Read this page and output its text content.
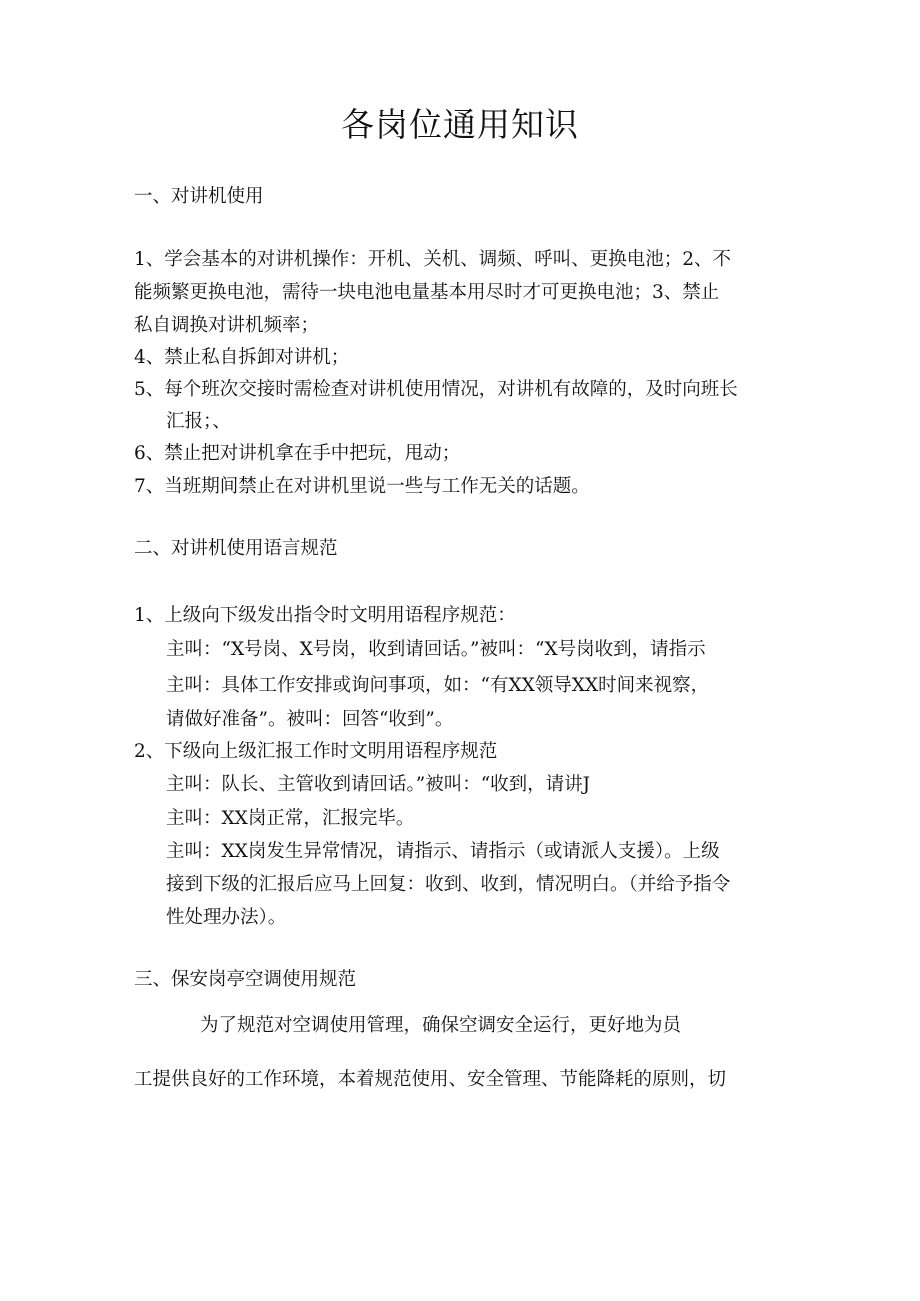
各岗位通用知识
一、对讲机使用
1、学会基本的对讲机操作：开机、关机、调频、呼叫、更换电池；2、不
能频繁更换电池，需待一块电池电量基本用尽时才可更换电池；3、禁止
私自调换对讲机频率；
4、禁止私自拆卸对讲机；
5、每个班次交接时需检查对讲机使用情况，对讲机有故障的，及时向班长
汇报；、
6、禁止把对讲机拿在手中把玩，甩动；
7、当班期间禁止在对讲机里说一些与工作无关的话题。
二、对讲机使用语言规范
1、上级向下级发出指令时文明用语程序规范：
主叫：“X号岗、X号岗，收到请回话。”被叫：“X号岗收到，请指示
主叫：具体工作安排或询问事项，如：“有XX领导XX时间来视察，
请做好准备”。被叫：回答“收到”。
2、下级向上级汇报工作时文明用语程序规范
主叫：队长、主管收到请回话。”被叫：“收到，请讲J
主叫：XX岗正常，汇报完毕。
主叫：XX岗发生异常情况，请指示、请指示（或请派人支援）。上级
接到下级的汇报后应马上回复：收到、收到，情况明白。（并给予指令
性处理办法）。
三、保安岗亭空调使用规范
为了规范对空调使用管理，确保空调安全运行，更好地为员
工提供良好的工作环境，本着规范使用、安全管理、节能降耗的原则，切
